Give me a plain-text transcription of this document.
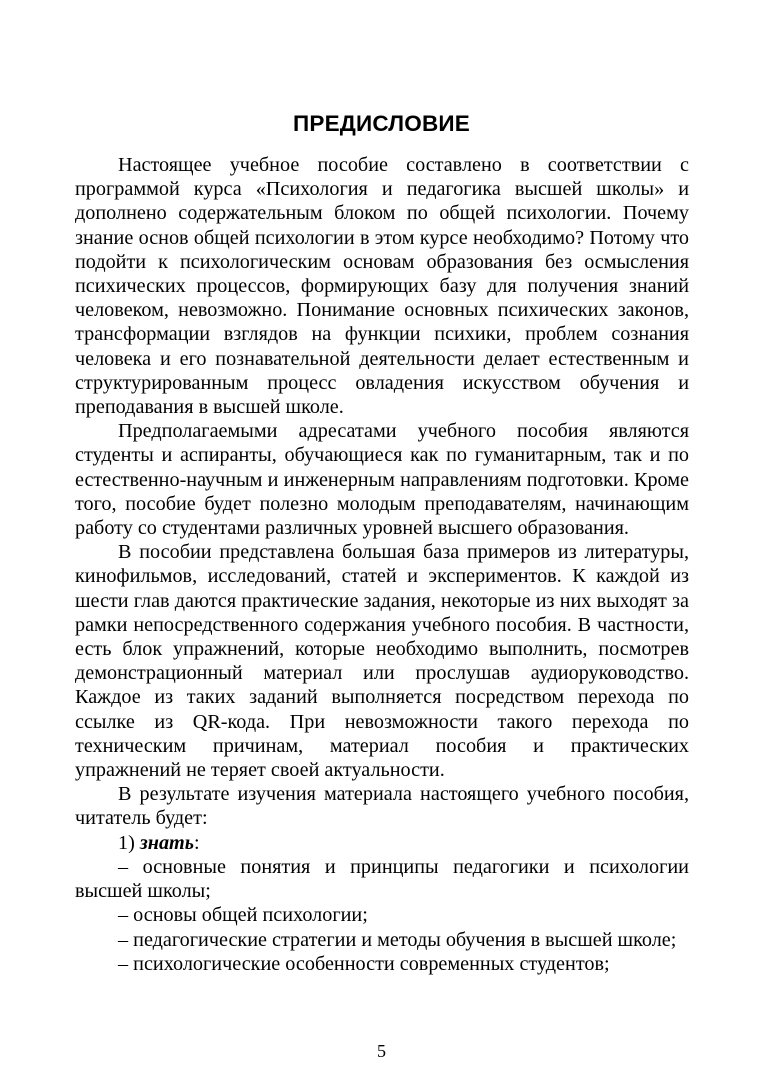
ПРЕДИСЛОВИЕ

Настоящее учебное пособие составлено в соответствии с программой курса «Психология и педагогика высшей школы» и дополнено содержательным блоком по общей психологии. Почему знание основ общей психологии в этом курсе необходимо? Потому что подойти к психологическим основам образования без осмысления психических процессов, формирующих базу для получения знаний человеком, невозможно. Понимание основных психических законов, трансформации взглядов на функции психики, проблем сознания человека и его познавательной деятельности делает естественным и структурированным процесс овладения искусством обучения и преподавания в высшей школе.

Предполагаемыми адресатами учебного пособия являются студенты и аспиранты, обучающиеся как по гуманитарным, так и по естественно-научным и инженерным направлениям подготовки. Кроме того, пособие будет полезно молодым преподавателям, начинающим работу со студентами различных уровней высшего образования.

В пособии представлена большая база примеров из литературы, кинофильмов, исследований, статей и экспериментов. К каждой из шести глав даются практические задания, некоторые из них выходят за рамки непосредственного содержания учебного пособия. В частности, есть блок упражнений, которые необходимо выполнить, посмотрев демонстрационный материал или прослушав аудиоруководство. Каждое из таких заданий выполняется посредством перехода по ссылке из QR-кода. При невозможности такого перехода по техническим причинам, материал пособия и практических упражнений не теряет своей актуальности.

В результате изучения материала настоящего учебного пособия, читатель будет:

1) знать:

– основные понятия и принципы педагогики и психологии высшей школы;

– основы общей психологии;

– педагогические стратегии и методы обучения в высшей школе;

– психологические особенности современных студентов;

5
